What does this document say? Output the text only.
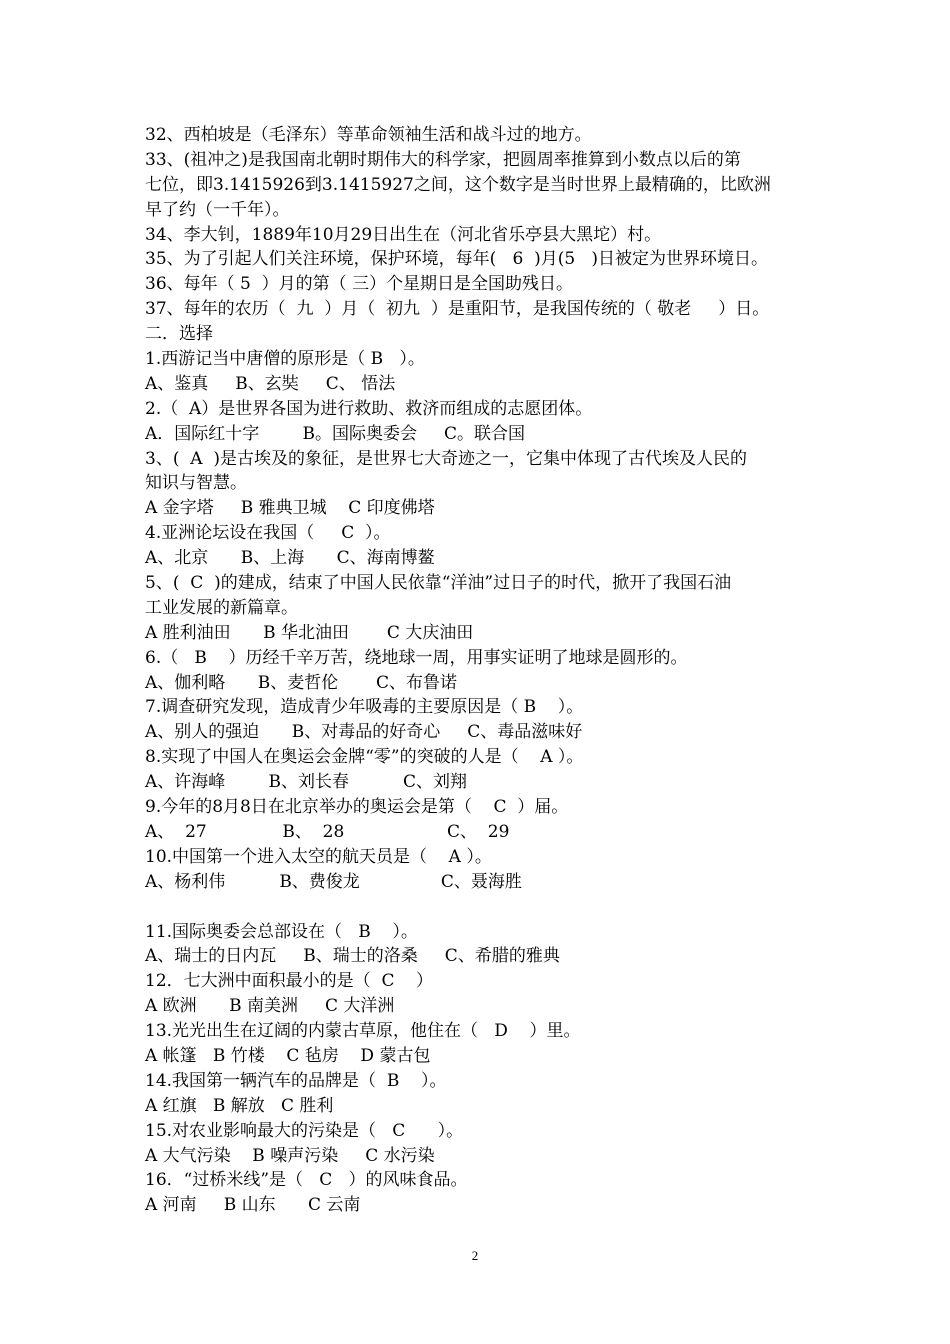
32、西柏坡是（毛泽东）等革命领袖生活和战斗过的地方。
33、(祖冲之)是我国南北朝时期伟大的科学家，把圆周率推算到小数点以后的第
七位，即3.1415926到3.1415927之间，这个数字是当时世界上最精确的，比欧洲
早了约（一千年）。
34、李大钊，1889年10月29日出生在（河北省乐亭县大黑坨）村。
35、为了引起人们关注环境，保护环境，每年(   6  )月(5   )日被定为世界环境日。
36、每年（ 5  ）月的第（ 三）个星期日是全国助残日。
37、每年的农历（  九  ）月（  初九  ）是重阳节，是我国传统的（ 敬老     ）日。
二．选择
1.西游记当中唐僧的原形是（ B   ）。
A、鉴真     B、玄奘     C、 悟法
2.（  A）是世界各国为进行救助、救济而组成的志愿团体。
A．国际红十字        B。国际奥委会     C。联合国
3、(  A  )是古埃及的象征，是世界七大奇迹之一，它集中体现了古代埃及人民的
知识与智慧。
A 金字塔     B 雅典卫城    C 印度佛塔
4.亚洲论坛设在我国（     C  ）。
A、北京      B、上海      C、海南博鳌
5、(  C  )的建成，结束了中国人民依靠“洋油”过日子的时代，掀开了我国石油
工业发展的新篇章。
A 胜利油田      B 华北油田       C 大庆油田
6.（   B    ）历经千辛万苦，绕地球一周，用事实证明了地球是圆形的。
A、伽利略      B、麦哲伦       C、布鲁诺
7.调查研究发现，造成青少年吸毒的主要原因是（ B    ）。
A、别人的强迫      B、对毒品的好奇心     C、毒品滋味好
8.实现了中国人在奥运会金牌“零”的突破的人是（    A ）。
A、许海峰        B、刘长春          C、刘翔
9.今年的8月8日在北京举办的奥运会是第（    C  ）届。
A、  27              B、  28                   C、  29
10.中国第一个进入太空的航天员是（    A ）。
A、杨利伟          B、费俊龙               C、聂海胜
11.国际奥委会总部设在（   B    ）。
A、瑞士的日内瓦     B、瑞士的洛桑     C、希腊的雅典
12．七大洲中面积最小的是（  C    ）
A 欧洲      B 南美洲     C 大洋洲
13.光光出生在辽阔的内蒙古草原，他住在（   D    ）里。
A 帐篷   B 竹楼    C 毡房    D 蒙古包
14.我国第一辆汽车的品牌是（  B    ）。
A 红旗   B 解放   C 胜利
15.对农业影响最大的污染是（   C      ）。
A 大气污染    B 噪声污染     C 水污染
16．“过桥米线”是（   C   ）的风味食品。
A 河南     B 山东      C 云南
2
